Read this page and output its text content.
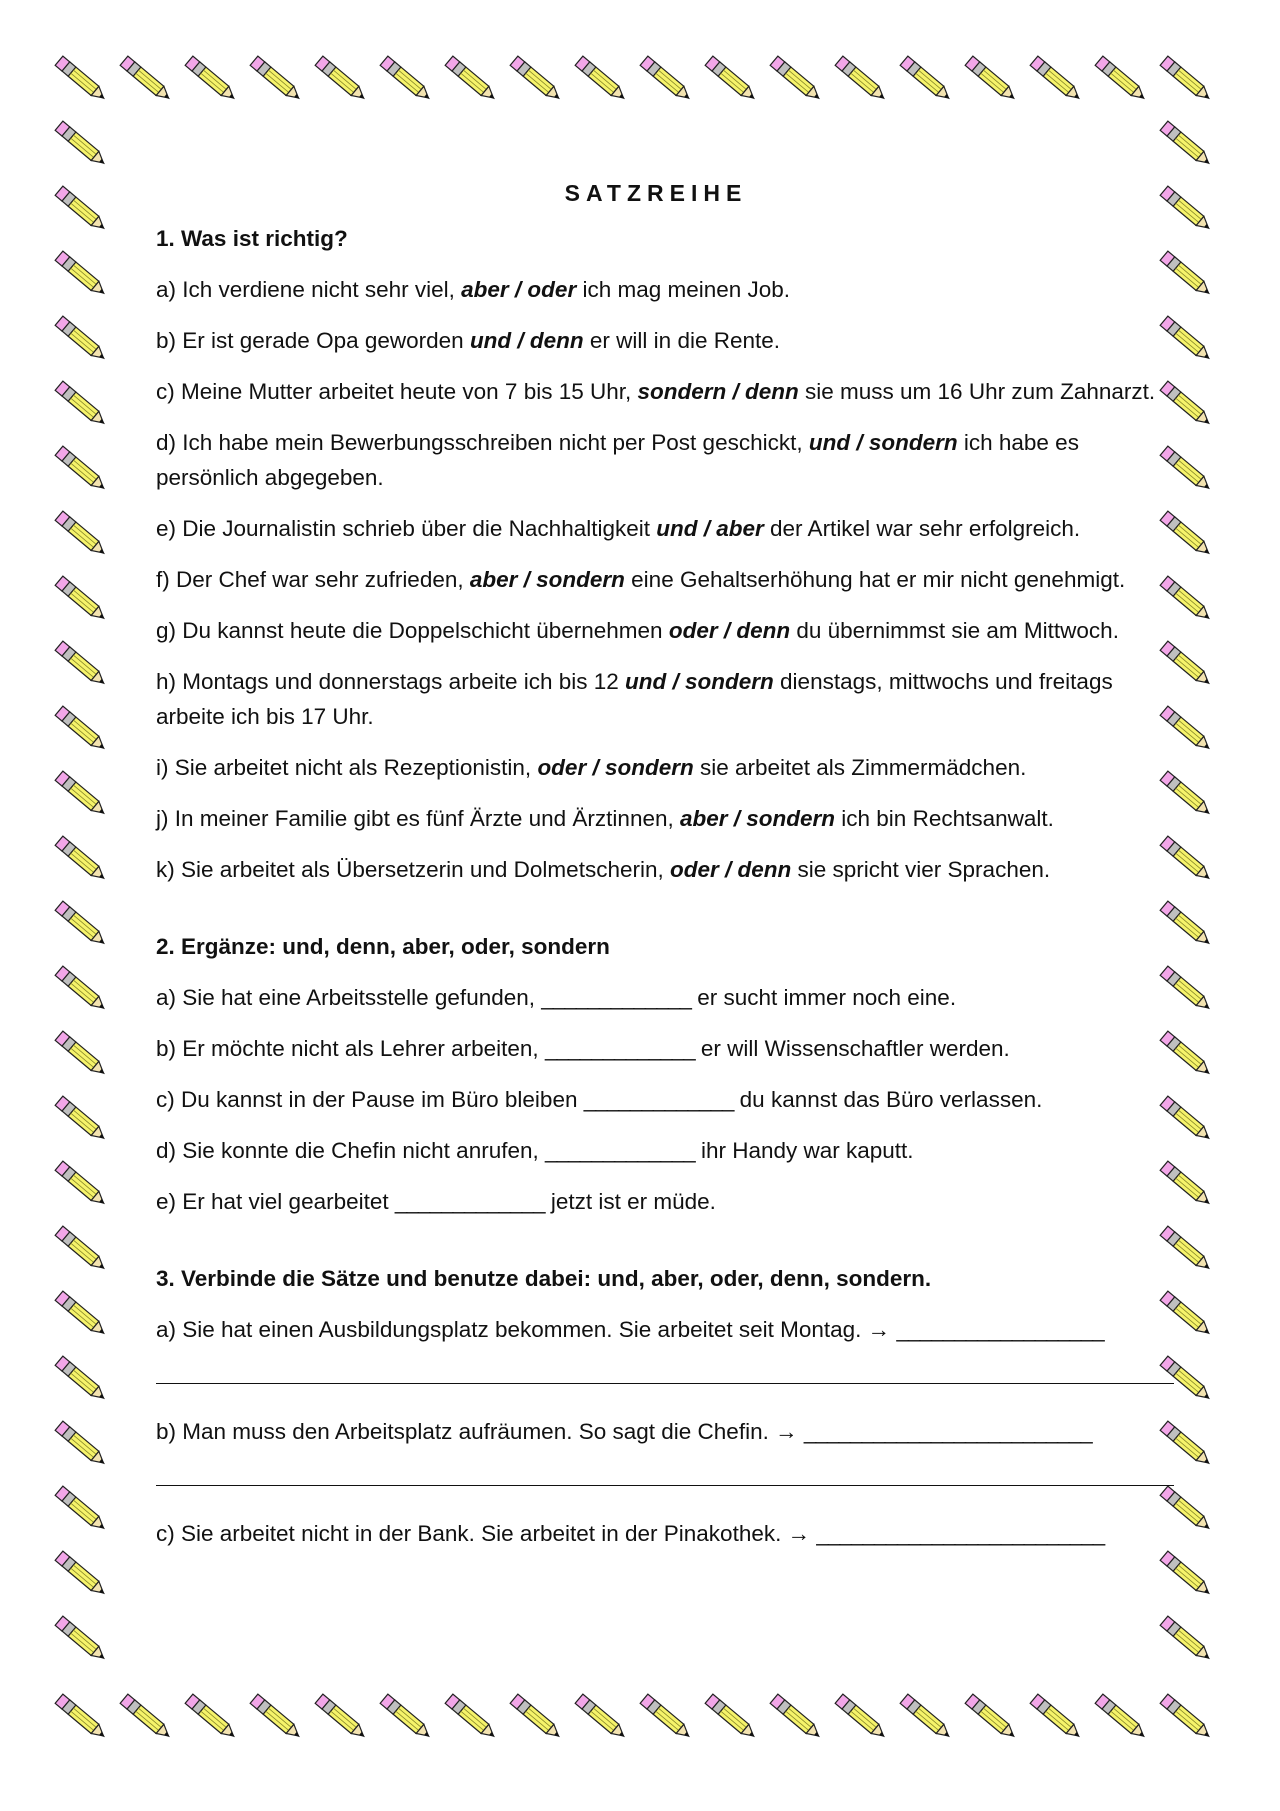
SATZREIHE
1. Was ist richtig?
a) Ich verdiene nicht sehr viel, aber / oder ich mag meinen Job.
b) Er ist gerade Opa geworden und / denn er will in die Rente.
c) Meine Mutter arbeitet heute von 7 bis 15 Uhr, sondern / denn sie muss um 16 Uhr zum Zahnarzt.
d) Ich habe mein Bewerbungsschreiben nicht per Post geschickt, und / sondern ich habe es persönlich abgegeben.
e) Die Journalistin schrieb über die Nachhaltigkeit und / aber der Artikel war sehr erfolgreich.
f) Der Chef war sehr zufrieden, aber / sondern eine Gehaltserhöhung hat er mir nicht genehmigt.
g) Du kannst heute die Doppelschicht übernehmen oder / denn du übernimmst sie am Mittwoch.
h) Montags und donnerstags arbeite ich bis 12 und / sondern dienstags, mittwochs und freitags arbeite ich bis 17 Uhr.
i) Sie arbeitet nicht als Rezeptionistin, oder / sondern sie arbeitet als Zimmermädchen.
j) In meiner Familie gibt es fünf Ärzte und Ärztinnen, aber / sondern ich bin Rechtsanwalt.
k) Sie arbeitet als Übersetzerin und Dolmetscherin, oder / denn sie spricht vier Sprachen.
2. Ergänze: und, denn, aber, oder, sondern
a) Sie hat eine Arbeitsstelle gefunden, _____________ er sucht immer noch eine.
b) Er möchte nicht als Lehrer arbeiten, _____________ er will Wissenschaftler werden.
c) Du kannst in der Pause im Büro bleiben _____________ du kannst das Büro verlassen.
d) Sie konnte die Chefin nicht anrufen, _____________ ihr Handy war kaputt.
e) Er hat viel gearbeitet _____________ jetzt ist er müde.
3. Verbinde die Sätze und benutze dabei: und, aber, oder, denn, sondern.
a) Sie hat einen Ausbildungsplatz bekommen. Sie arbeitet seit Montag. → __________________
b) Man muss den Arbeitsplatz aufräumen. So sagt die Chefin. → _________________________
c) Sie arbeitet nicht in der Bank. Sie arbeitet in der Pinakothek. → _________________________
